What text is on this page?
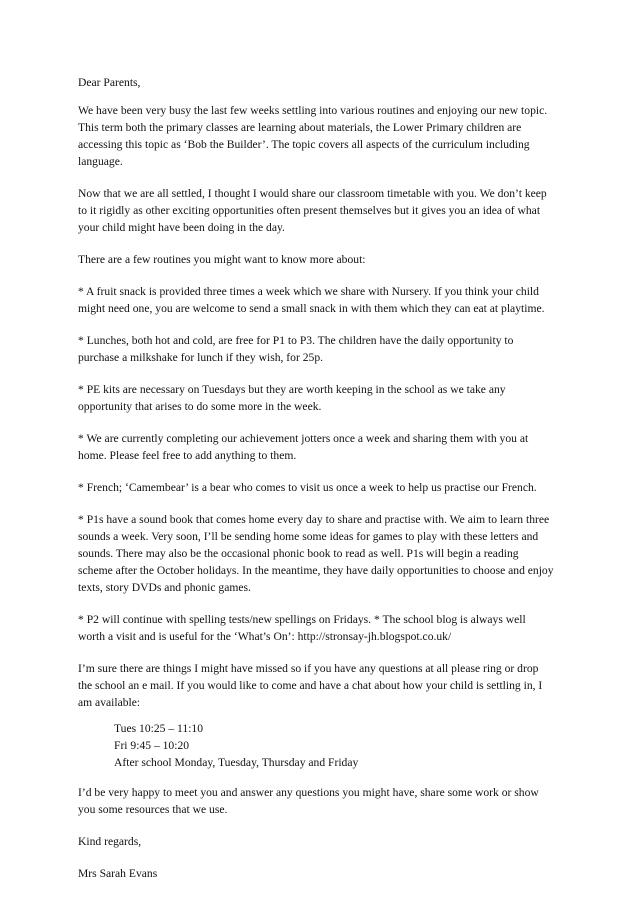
Dear Parents,

We have been very busy the last few weeks settling into various routines and enjoying our new topic.
This term both the primary classes are learning about materials, the Lower Primary children are
accessing this topic as ‘Bob the Builder’. The topic covers all aspects of the curriculum including
language.

Now that we are all settled, I thought I would share our classroom timetable with you. We don’t keep
to it rigidly as other exciting opportunities often present themselves but it gives you an idea of what
your child might have been doing in the day.

There are a few routines you might want to know more about:

* A fruit snack is provided three times a week which we share with Nursery. If you think your child
might need one, you are welcome to send a small snack in with them which they can eat at playtime.

* Lunches, both hot and cold, are free for P1 to P3. The children have the daily opportunity to
purchase a milkshake for lunch if they wish, for 25p.

* PE kits are necessary on Tuesdays but they are worth keeping in the school as we take any
opportunity that arises to do some more in the week.

* We are currently completing our achievement jotters once a week and sharing them with you at
home. Please feel free to add anything to them.

* French; ‘Camembear’ is a bear who comes to visit us once a week to help us practise our French.

* P1s have a sound book that comes home every day to share and practise with. We aim to learn three
sounds a week. Very soon, I’ll be sending home some ideas for games to play with these letters and
sounds. There may also be the occasional phonic book to read as well. P1s will begin a reading
scheme after the October holidays. In the meantime, they have daily opportunities to choose and enjoy
texts, story DVDs and phonic games.

* P2 will continue with spelling tests/new spellings on Fridays. * The school blog is always well
worth a visit and is useful for the ‘What’s On’: http://stronsay-jh.blogspot.co.uk/

I’m sure there are things I might have missed so if you have any questions at all please ring or drop
the school an e mail. If you would like to come and have a chat about how your child is settling in, I
am available:

Tues 10:25 – 11:10
Fri 9:45 – 10:20
After school Monday, Tuesday, Thursday and Friday

I’d be very happy to meet you and answer any questions you might have, share some work or show
you some resources that we use.

Kind regards,

Mrs Sarah Evans
